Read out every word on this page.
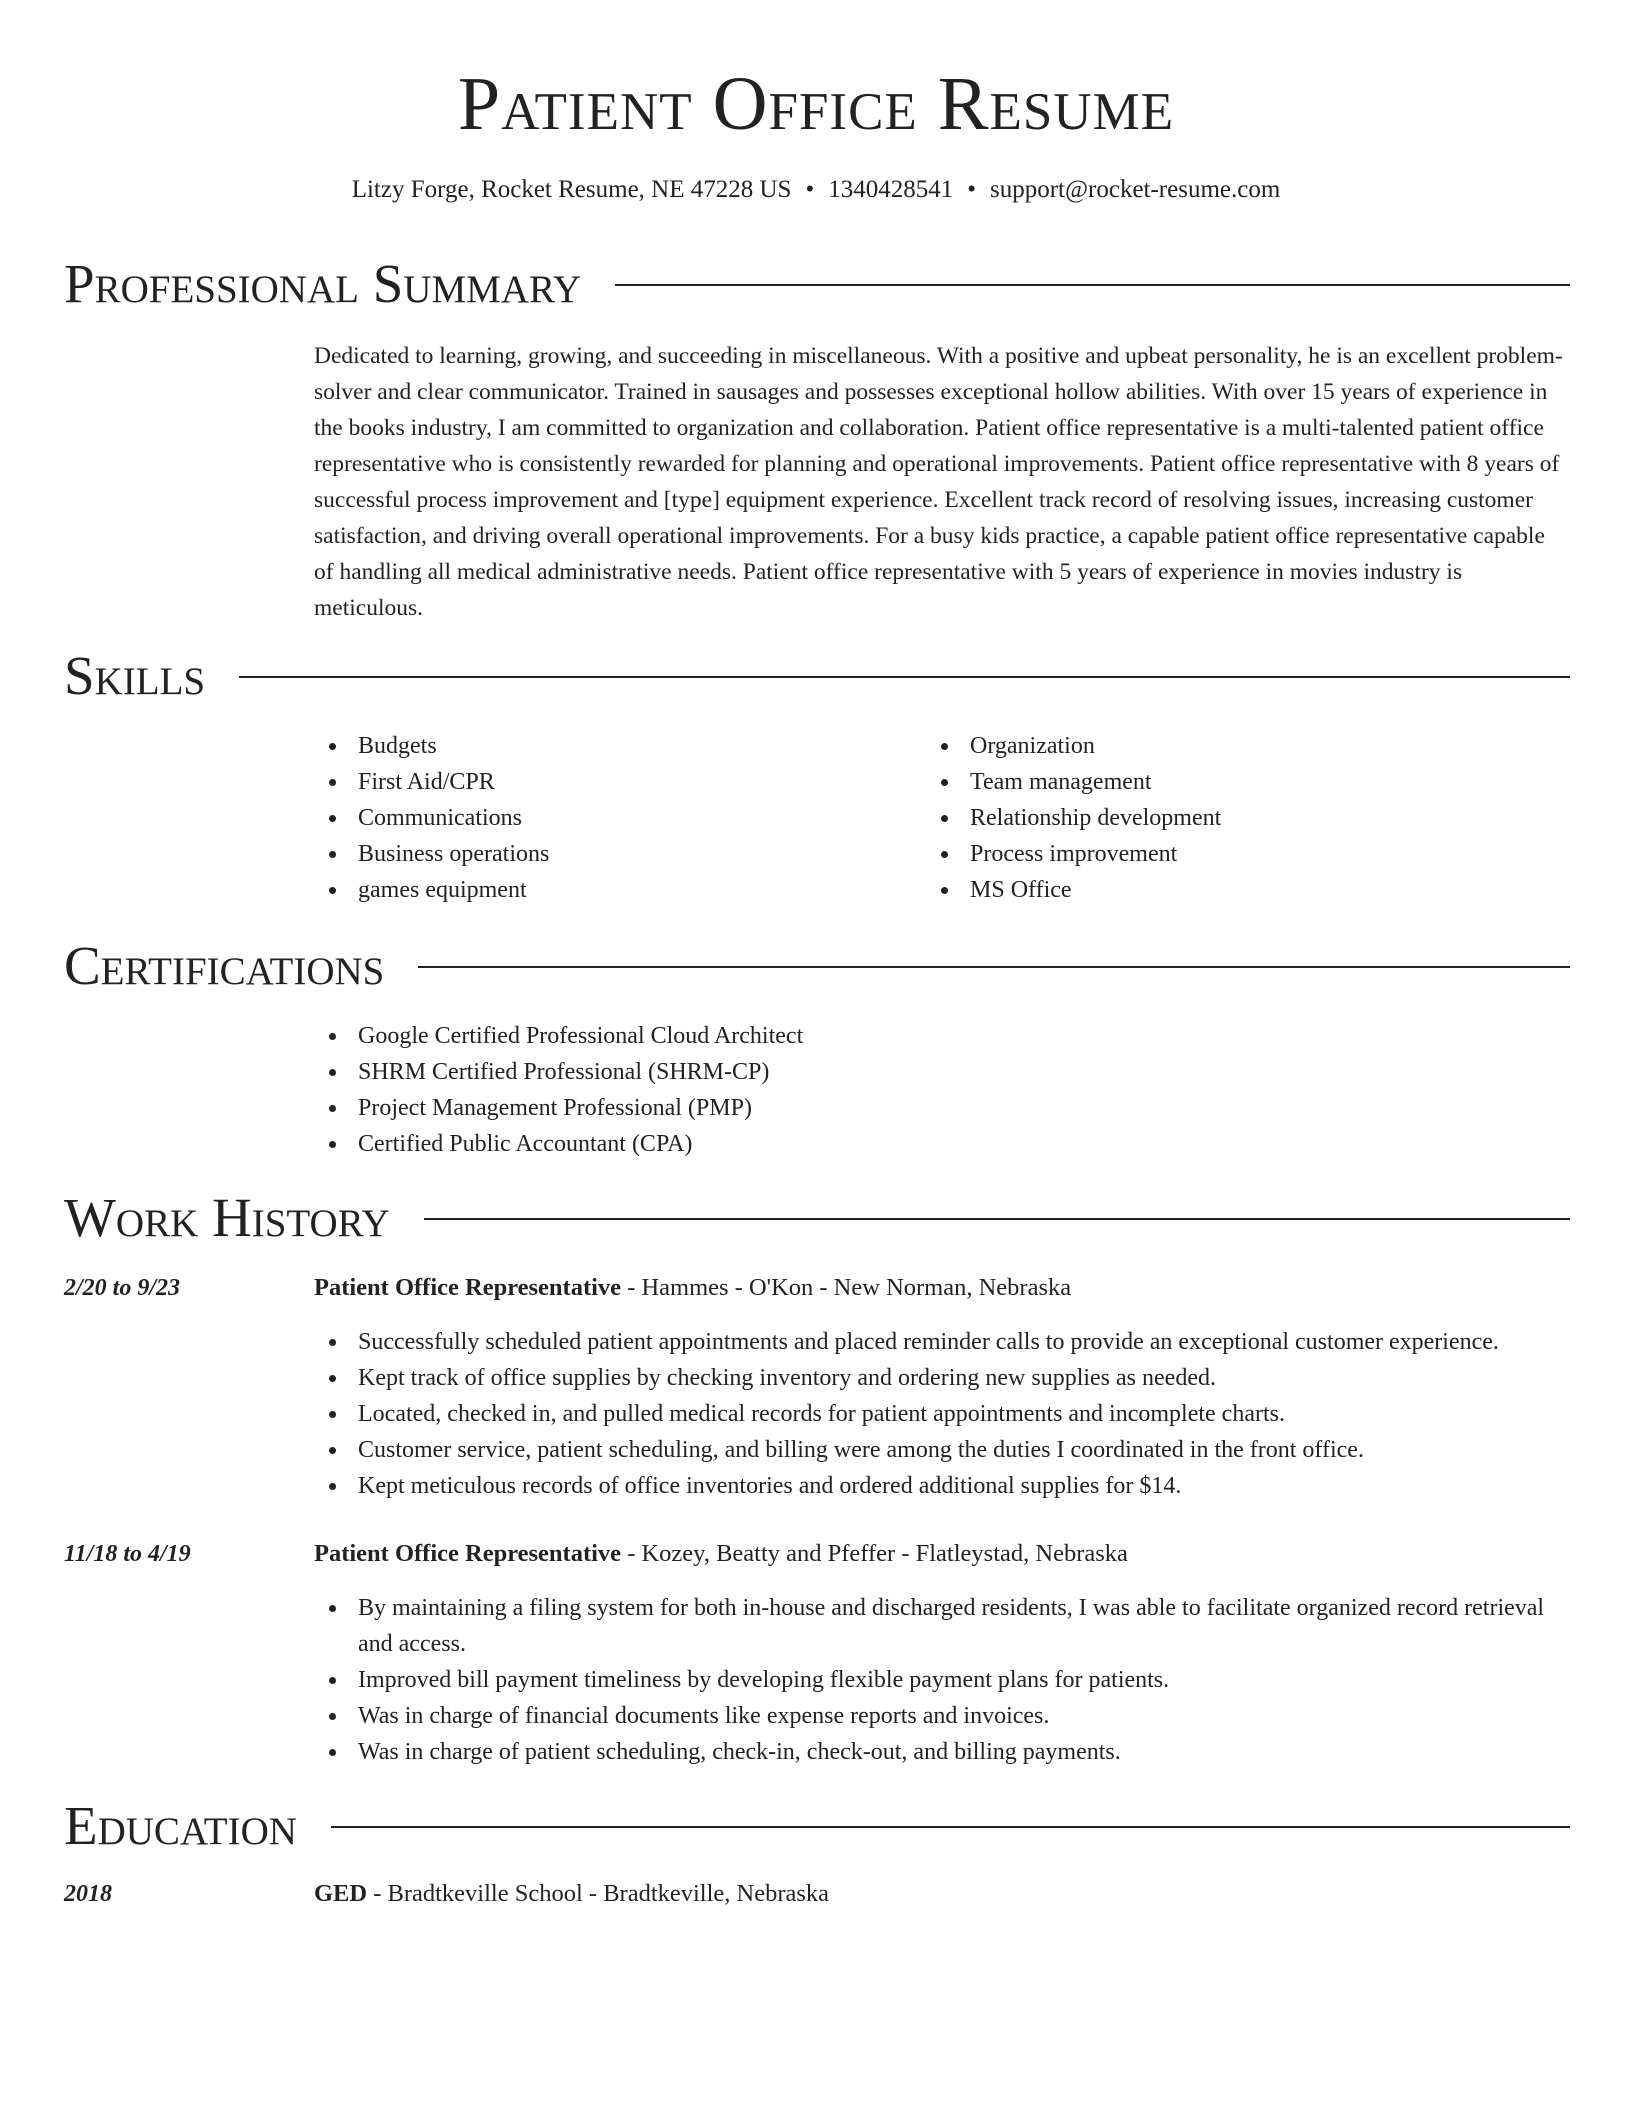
Patient Office Resume
Litzy Forge, Rocket Resume, NE 47228 US • 1340428541 • support@rocket-resume.com
Professional Summary

Dedicated to learning, growing, and succeeding in miscellaneous. With a positive and upbeat personality, he is an excellent problem-solver and clear communicator. Trained in sausages and possesses exceptional hollow abilities. With over 15 years of experience in the books industry, I am committed to organization and collaboration. Patient office representative is a multi-talented patient office representative who is consistently rewarded for planning and operational improvements. Patient office representative with 8 years of successful process improvement and [type] equipment experience. Excellent track record of resolving issues, increasing customer satisfaction, and driving overall operational improvements. For a busy kids practice, a capable patient office representative capable of handling all medical administrative needs. Patient office representative with 5 years of experience in movies industry is meticulous.

Skills
Budgets
First Aid/CPR
Communications
Business operations
games equipment
Organization
Team management
Relationship development
Process improvement
MS Office
Certifications
Google Certified Professional Cloud Architect
SHRM Certified Professional (SHRM-CP)
Project Management Professional (PMP)
Certified Public Accountant (CPA)
Work History
2/20 to 9/23	Patient Office Representative - Hammes - O'Kon - New Norman, Nebraska
Successfully scheduled patient appointments and placed reminder calls to provide an exceptional customer experience.
Kept track of office supplies by checking inventory and ordering new supplies as needed.
Located, checked in, and pulled medical records for patient appointments and incomplete charts.
Customer service, patient scheduling, and billing were among the duties I coordinated in the front office.
Kept meticulous records of office inventories and ordered additional supplies for $14.
11/18 to 4/19	Patient Office Representative - Kozey, Beatty and Pfeffer - Flatleystad, Nebraska
By maintaining a filing system for both in-house and discharged residents, I was able to facilitate organized record retrieval and access.
Improved bill payment timeliness by developing flexible payment plans for patients.
Was in charge of financial documents like expense reports and invoices.
Was in charge of patient scheduling, check-in, check-out, and billing payments.
Education
2018	GED - Bradtkeville School - Bradtkeville, Nebraska
